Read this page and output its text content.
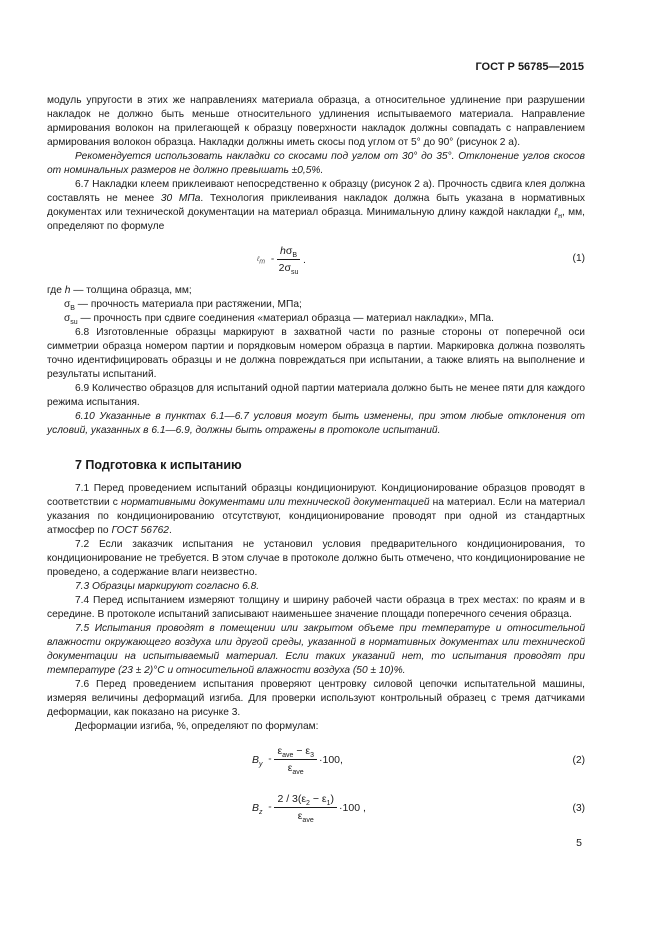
ГОСТ Р 56785—2015

модуль упругости в этих же направлениях материала образца, а относительное удлинение при разрушении накладок не должно быть меньше относительного удлинения испытываемого материала. Направление армирования волокон на прилегающей к образцу поверхности накладок должны совпадать с направлением армирования волокон образца. Накладки должны иметь скосы под углом от 5° до 90° (рисунок 2 а).

Рекомендуется использовать накладки со скосами под углом от 30° до 35°. Отклонение углов скосов от номинальных размеров не должно превышать ±0,5%.

6.7 Накладки клеем приклеивают непосредственно к образцу (рисунок 2 а). Прочность сдвига клея должна составлять не менее 30 МПа. Технология приклеивания накладок должна быть указана в нормативных документах или технической документации на материал образца. Минимальную длину каждой накладки ℓ$_н$, мм, определяют по формуле

ℓ$_т$ = $\frac{h\sigma_B}{2\sigma_{su}}$ .	(1)

где h — толщина образца, мм;

$\sigma_B$ — прочность материала при растяжении, МПа;

$\sigma_{su}$ — прочность при сдвиге соединения «материал образца — материал накладки», МПа.

6.8 Изготовленные образцы маркируют в захватной части по разные стороны от поперечной оси симметрии образца номером партии и порядковым номером образца в партии. Маркировка должна позволять точно идентифицировать образцы и не должна повреждаться при испытании, а также влиять на выполнение и результаты испытаний.

6.9 Количество образцов для испытаний одной партии материала должно быть не менее пяти для каждого режима испытания.

6.10 Указанные в пунктах 6.1—6.7 условия могут быть изменены, при этом любые отклонения от условий, указанных в 6.1—6.9, должны быть отражены в протоколе испытаний.

7 Подготовка к испытанию

7.1 Перед проведением испытаний образцы кондиционируют. Кондиционирование образцов проводят в соответствии с нормативными документами или технической документацией на материал. Если на материал указания по кондиционированию отсутствуют, кондиционирование проводят при одной из стандартных атмосфер по ГОСТ 56762.

7.2 Если заказчик испытания не установил условия предварительного кондиционирования, то кондиционирование не требуется. В этом случае в протоколе должно быть отмечено, что кондиционирование не проведено, а содержание влаги неизвестно.

7.3 Образцы маркируют согласно 6.8.

7.4 Перед испытанием измеряют толщину и ширину рабочей части образца в трех местах: по краям и в середине. В протоколе испытаний записывают наименьшее значение площади поперечного сечения образца.

7.5 Испытания проводят в помещении или закрытом объеме при температуре и относительной влажности окружающего воздуха или другой среды, указанной в нормативных документах или технической документации на испытываемый материал. Если таких указаний нет, то испытания проводят при температуре (23 ± 2)°С и относительной влажности воздуха (50 ± 10)%.

7.6 Перед проведением испытания проверяют центровку силовой цепочки испытательной машины, измеряя величины деформаций изгиба. Для проверки используют контрольный образец с тремя датчиками деформации, как показано на рисунке 3.

Деформации изгиба, %, определяют по формулам:

$B_y$
= $\frac{\varepsilon_{ave} - \varepsilon_3}{\varepsilon_{ave}} \cdot 100$,	(2)
$B_z$
= $\frac{2 / 3(\varepsilon_2 - \varepsilon_1)}{\varepsilon_{ave}} \cdot 100$ ,	(3)
5
